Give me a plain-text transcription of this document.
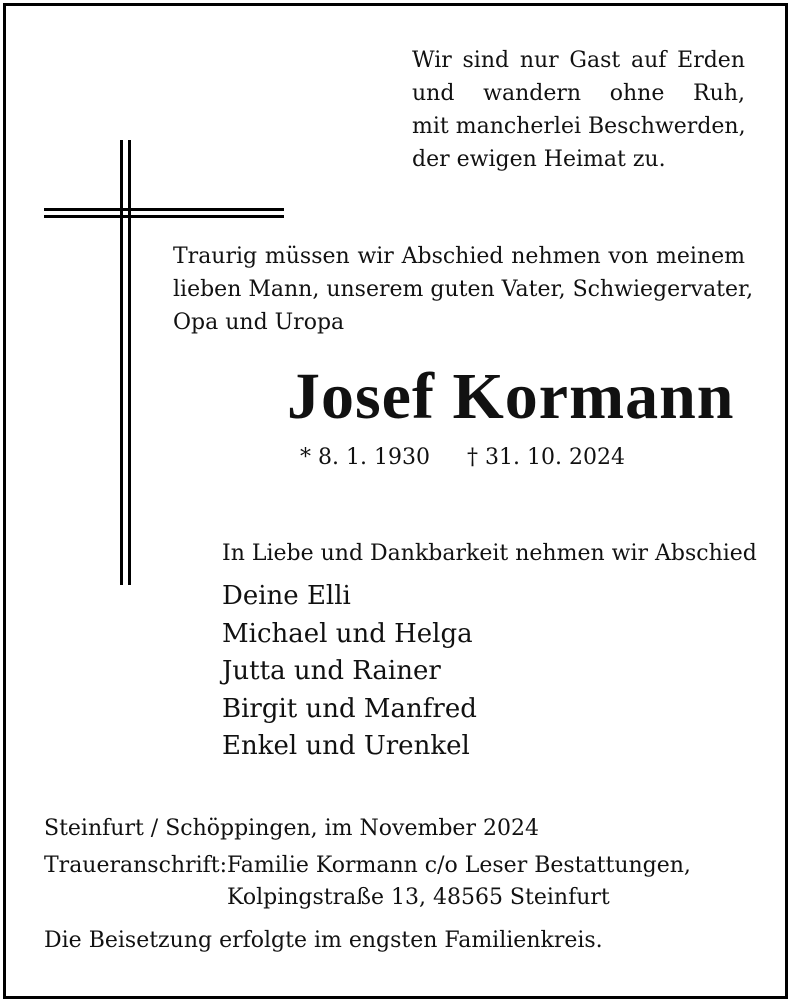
Wir sind nur Gast auf Erden
und wandern ohne Ruh,
mit mancherlei Beschwerden,
der ewigen Heimat zu.
Traurig müssen wir Abschied nehmen von meinem
lieben Mann, unserem guten Vater, Schwiegervater,
Opa und Uropa
Josef Kormann
* 8. 1. 1930 † 31. 10. 2024
In Liebe und Dankbarkeit nehmen wir Abschied
Deine Elli
Michael und Helga
Jutta und Rainer
Birgit und Manfred
Enkel und Urenkel
Steinfurt / Schöppingen, im November 2024
Traueranschrift: Familie Kormann c/o Leser Bestattungen,
Kolpingstraße 13, 48565 Steinfurt
Die Beisetzung erfolgte im engsten Familienkreis.
